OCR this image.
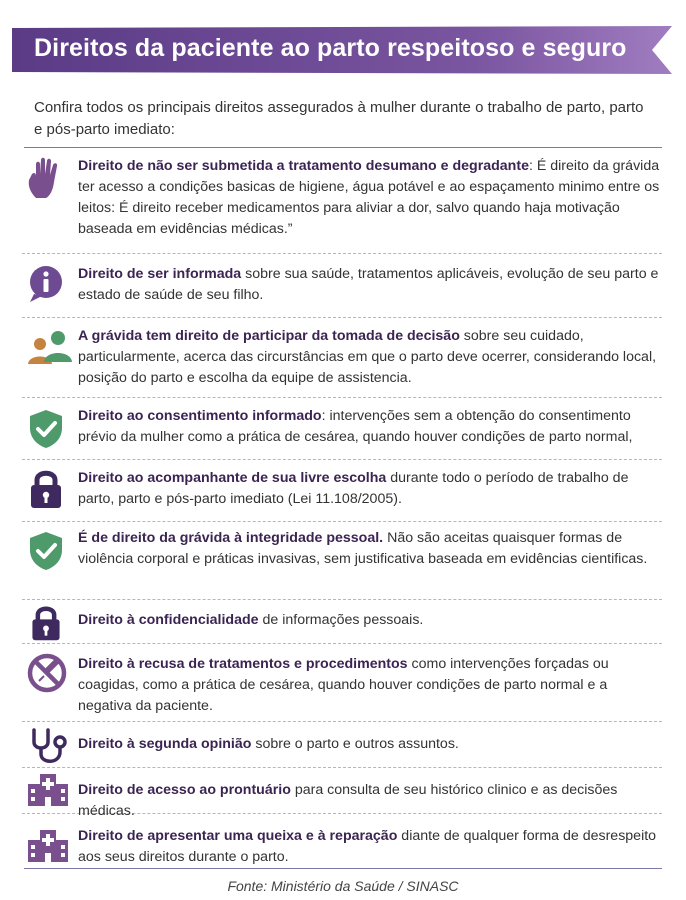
Direitos da paciente ao parto respeitoso e seguro
Confira todos os principais direitos assegurados à mulher durante o trabalho de parto, parto e pós-parto imediato:
Direito de não ser submetida a tratamento desumano e degradante: É direito da grávida ter acesso a condições basicas de higiene, água potável e ao espaçamento minimo entre os leitos: É direito receber medicamentos para aliviar a dor, salvo quando haja motivação baseada em evidências médicas.”
Direito de ser informada sobre sua saúde, tratamentos aplicáveis, evolução de seu parto e estado de saúde de seu filho.
A grávida tem direito de participar da tomada de decisão sobre seu cuidado, particularmente, acerca das circurstâncias em que o parto deve ocerrer, considerando local, posição do parto e escolha da equipe de assistencia.
Direito ao consentimento informado: intervenções sem a obtenção do consentimento prévio da mulher como a prática de cesárea, quando houver condições de parto normal,
Direito ao acompanhante de sua livre escolha durante todo o período de trabalho de parto, parto e pós-parto imediato (Lei 11.108/2005).
É de direito da grávida à integridade pessoal. Não são aceitas quaisquer formas de violência corporal e práticas invasivas, sem justificativa baseada em evidências cientificas.
Direito à confidencialidade de informações pessoais.
Direito à recusa de tratamentos e procedimentos como intervenções forçadas ou coagidas, como a prática de cesárea, quando houver condições de parto normal e a negativa da paciente.
Direito à segunda opinião sobre o parto e outros assuntos.
Direito de acesso ao prontuário para consulta de seu histórico clinico e as decisões médicas.
Direito de apresentar uma queixa e à reparação diante de qualquer forma de desrespeito aos seus direitos durante o parto.
Fonte: Ministério da Saúde / SINASC
